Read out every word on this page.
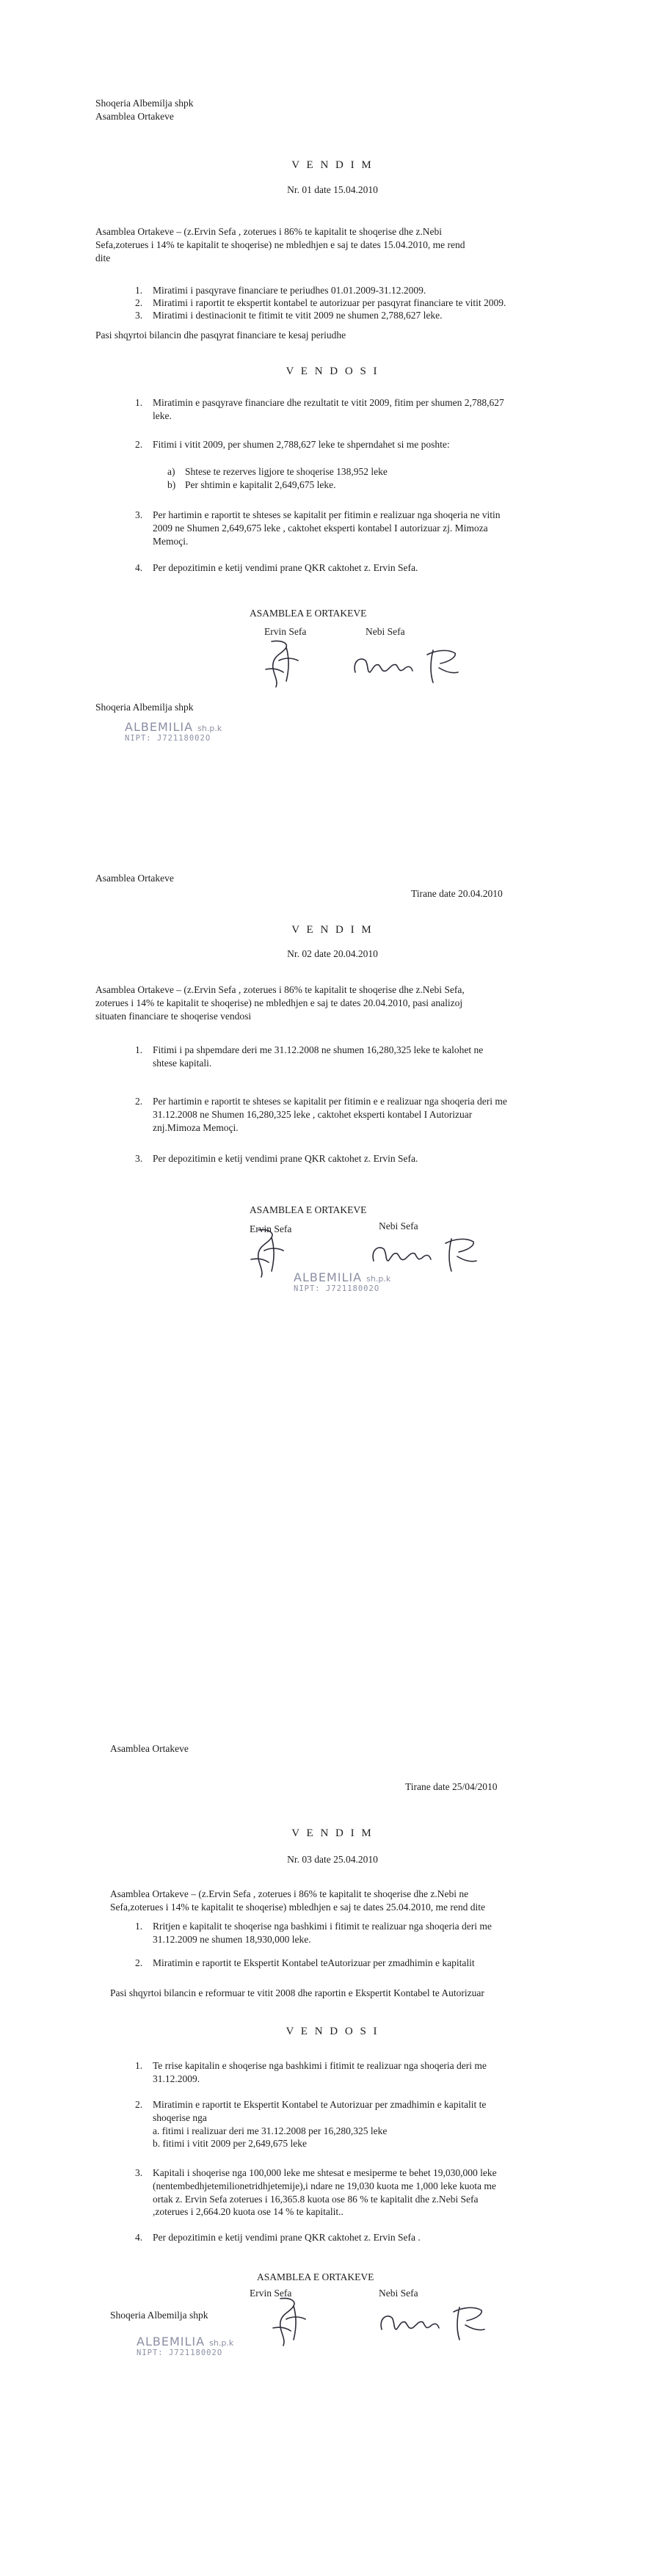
Shoqeria Albemiljа shpk

Asamblea Ortakeve

V E N D I M

Nr. 01 date 15.04.2010

Asamblea Ortakeve – (z.Ervin Sefa , zoterues i 86% te kapitalit te shoqerise dhe z.Nebi
Sefa,zoterues i 14% te kapitalit te shoqerise) ne mbledhjen e saj te dates 15.04.2010, me rend
dite
1. Miratimi i pasqyrave financiare te periudhes 01.01.2009-31.12.2009.
2. Miratimi i raportit te ekspertit kontabel te autorizuar per pasqyrat financiare te vitit 2009.
3. Miratimi i destinacionit te fitimit te vitit 2009 ne shumen 2,788,627 leke.

Pasi shqyrtoi bilancin dhe pasqyrat financiare te kesaj periudhe

V E N D O S I

1. Miratimin e pasqyrave financiare dhe rezultatit te vitit 2009, fitim per shumen 2,788,627
leke.
2. Fitimi i vitit 2009, per shumen 2,788,627 leke te shperndahet si me poshte:
a) Shtese te rezerves ligjore te shoqerise 138,952 leke
b) Per shtimin e kapitalit 2,649,675 leke.
3. Per hartimin e raportit te shteses se kapitalit per fitimin e realizuar nga shoqeria ne vitin
2009 ne Shumen 2,649,675 leke , caktohet eksperti kontabel I autorizuar zj. Mimoza
Memoçi.
4. Per depozitimin e ketij vendimi prane QKR caktohet z. Ervin Sefa.

ASAMBLEA E ORTAKEVE

Ervin Sefa	Nebi Sefa

Shoqeria Albemiljа shpk

ALBEMILIA sh.p.k
NIPT: J72118002O

Asamblea Ortakeve

Tirane date 20.04.2010

V E N D I M

Nr. 02 date 20.04.2010

Asamblea Ortakeve – (z.Ervin Sefa , zoterues i 86% te kapitalit te shoqerise dhe z.Nebi Sefa,
zoterues i 14% te kapitalit te shoqerise) ne mbledhjen e saj te dates 20.04.2010, pasi analizoj
situaten financiare te shoqerise vendosi
1. Fitimi i pa shpemdare deri me 31.12.2008 ne shumen 16,280,325 leke te kalohet ne
shtese kapitali.
2. Per hartimin e raportit te shteses se kapitalit per fitimin e e realizuar nga shoqeria deri me
31.12.2008 ne Shumen 16,280,325 leke , caktohet eksperti kontabel I Autorizuar
znj.Mimoza Memoçi.
3. Per depozitimin e ketij vendimi prane QKR caktohet z. Ervin Sefa.

ASAMBLEA E ORTAKEVE

Ervin Sefa	Nebi Sefa

ALBEMILIA sh.p.k
NIPT: J72118002O

Asamblea Ortakeve

Tirane date 25/04/2010

V E N D I M

Nr. 03 date 25.04.2010

Asamblea Ortakeve – (z.Ervin Sefa , zoterues i 86% te kapitalit te shoqerise dhe z.Nebi ne
Sefa,zoterues i 14% te kapitalit te shoqerise) mbledhjen e saj te dates 25.04.2010, me rend dite
1. Rritjen e kapitalit te shoqerise nga bashkimi i fitimit te realizuar nga shoqeria deri me
31.12.2009 ne shumen 18,930,000 leke.
2. Miratimin e raportit te Ekspertit Kontabel teAutorizuar per zmadhimin e kapitalit

Pasi shqyrtoi bilancin e reformuar te vitit 2008 dhe raportin e Ekspertit Kontabel te Autorizuar

V E N D O S I

1. Te rrise kapitalin e shoqerise nga bashkimi i fitimit te realizuar nga shoqeria deri me
31.12.2009.
2. Miratimin e raportit te Ekspertit Kontabel te Autorizuar per zmadhimin e kapitalit te
shoqerise nga
a. fitimi i realizuar deri me 31.12.2008 per 16,280,325 leke
b. fitimi i vitit 2009 per 2,649,675 leke
3. Kapitali i shoqerise nga 100,000 leke me shtesat e mesiperme te behet 19,030,000 leke
(nentembedhjetemilionetridhjetemije),i ndare ne 19,030 kuota me 1,000 leke kuota me
ortak z. Ervin Sefa zoterues i 16,365.8 kuota ose 86 % te kapitalit dhe z.Nebi Sefa
,zoterues i 2,664.20 kuota ose 14 % te kapitalit..
4. Per depozitimin e ketij vendimi prane QKR caktohet z. Ervin Sefa .

ASAMBLEA E ORTAKEVE

Ervin Sefa	Nebi Sefa

Shoqeria Albemiljа shpk

ALBEMILIA sh.p.k
NIPT: J72118002O
